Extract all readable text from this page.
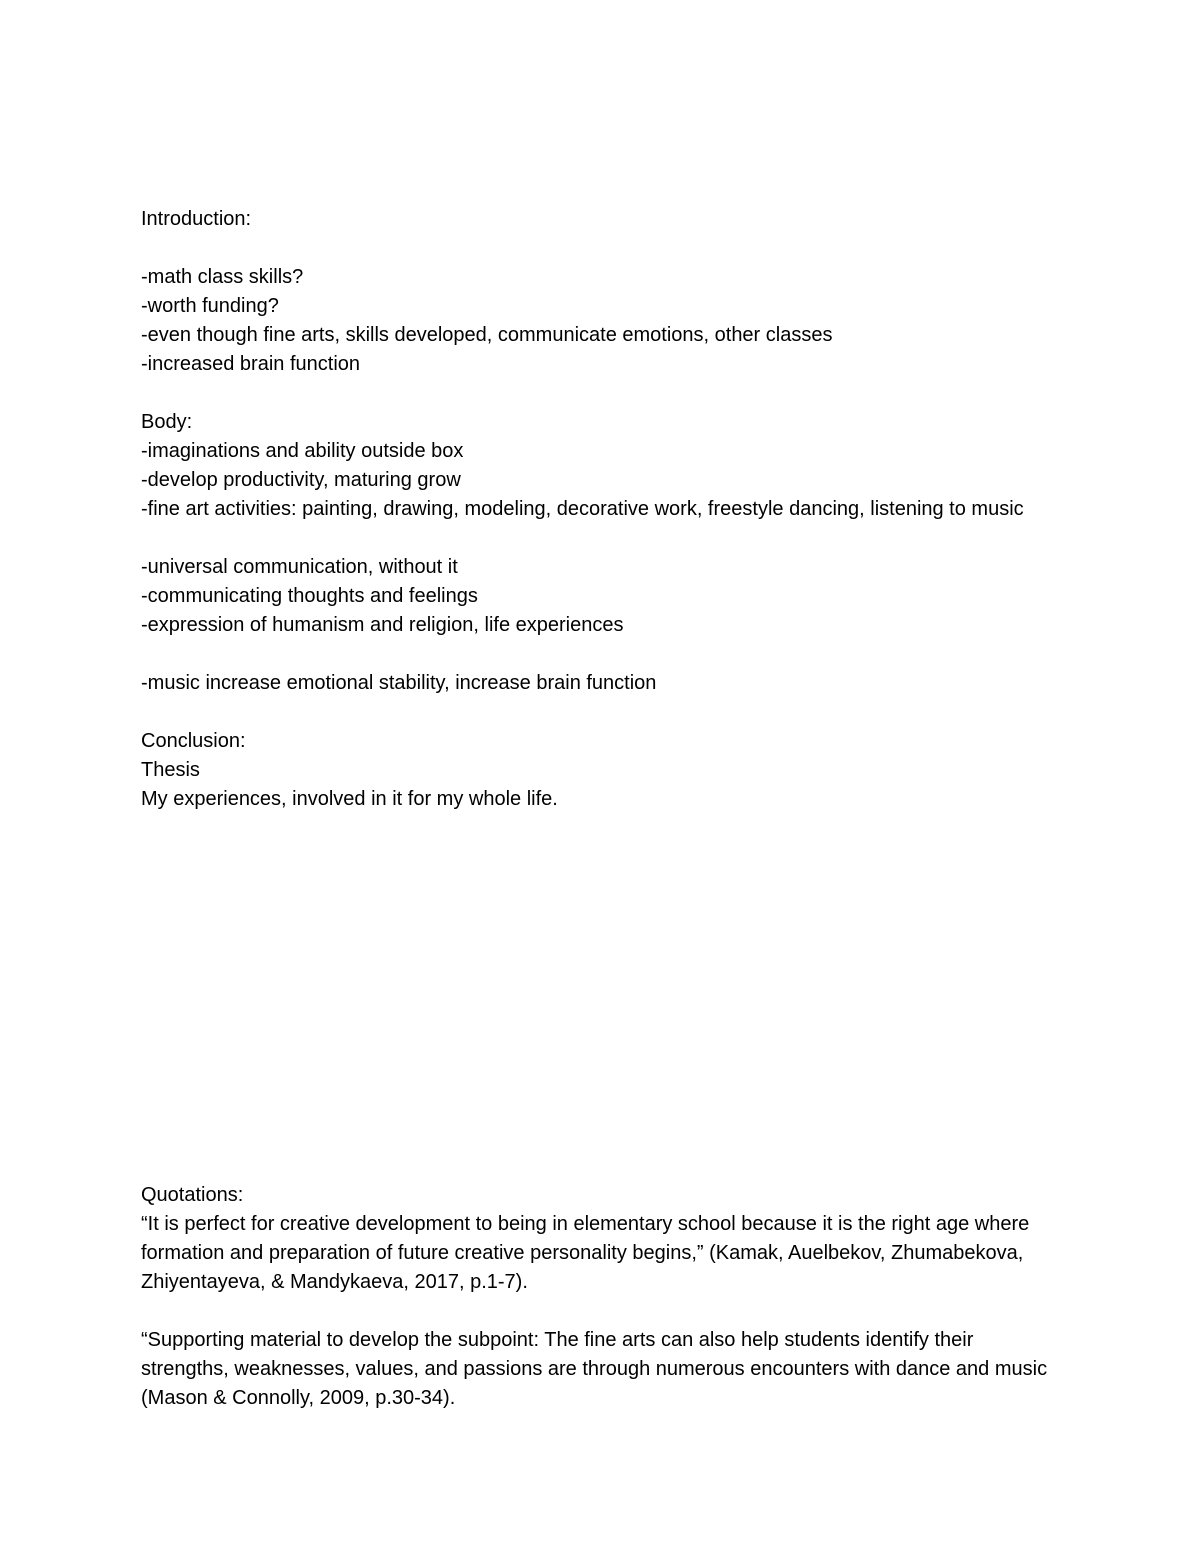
Introduction:
-math class skills?
-worth funding?
-even though fine arts, skills developed, communicate emotions, other classes
-increased brain function
Body:
-imaginations and ability outside box
-develop productivity, maturing grow
-fine art activities: painting, drawing, modeling, decorative work, freestyle dancing, listening to music
-universal communication, without it
-communicating thoughts and feelings
-expression of humanism and religion, life experiences
-music increase emotional stability, increase brain function
Conclusion:
Thesis
My experiences, involved in it for my whole life.
Quotations:
“It is perfect for creative development to being in elementary school because it is the right age where formation and preparation of future creative personality begins,” (Kamak, Auelbekov, Zhumabekova, Zhiyentayeva, & Mandykaeva, 2017, p.1-7).
“Supporting material to develop the subpoint: The fine arts can also help students identify their strengths, weaknesses, values, and passions are through numerous encounters with dance and music (Mason & Connolly, 2009, p.30-34).
